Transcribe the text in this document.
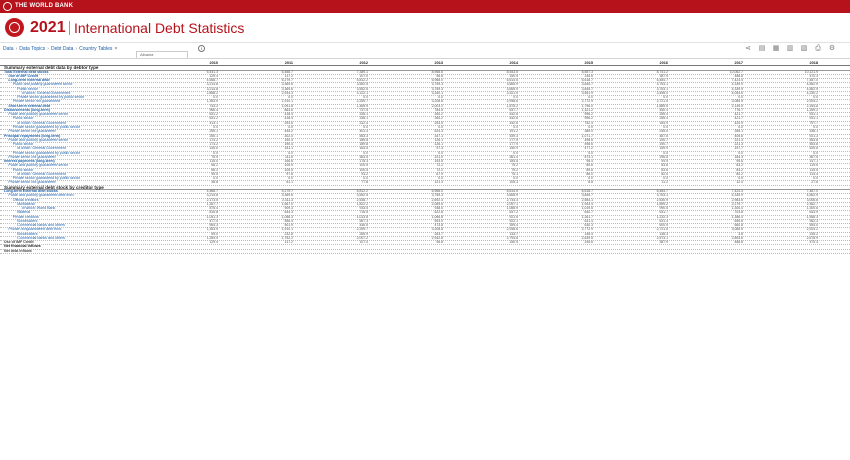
THE WORLD BANK
2021 International Debt Statistics
Data › Data Topics › Debt Data › Country Tables ×
Albania
i	⋖ ▤ ▦ ▥ ▧ ⎙ ⚙
2010	2011	2012	2013	2014	2015	2016	2017	2018
Summary external debt data by debtor type
Total External debt stocks	5,441.3	6,488.7	7,389.1	8,968.6	8,543.5	8,557.3	8,741.2	10,062.7	10,121.9
Use of IMF Credit	129.4	117.2	107.0	96.8	150.9	245.6	387.9	488.8	470.3
Long-term external debt	4,568.7	5,279.7	5,812.2	6,968.0	6,614.5	6,618.7	6,484.7	7,424.4	7,487.0
Public and publicly guaranteed sector	3,214.8	3,369.6	3,552.5	3,759.3	3,665.9	3,845.7	3,763.1	4,339.9	4,562.9
Public sector	3,214.8	3,369.6	3,552.5	3,759.3	3,665.9	3,845.7	3,763.1	4,339.9	4,562.9
of which: General Government	2,858.2	2,934.3	3,122.1	3,340.1	3,321.9	3,551.9	3,498.0	4,054.6	4,230.2
Private sector guaranteed by public sector	0.0	0.0	0.0	0.0	0.0	0.0	0.0	0.0	0.0
Private sector not guaranteed	1,353.9	1,910.1	2,259.7	3,208.8	2,948.6	2,772.9	2,721.5	3,085.5	2,924.2
Short-term external debt	743.2	1,091.8	1,469.9	2,003.2	1,875.2	1,796.0	1,889.5	2,149.5	2,164.6
Disbursements (long-term)	966.4	863.6	737.5	784.5	637.7	1,321.2	450.4	776.7	1,269.2
Public and publicly guaranteed sector	631.2	418.4	335.1	260.2	442.6	996.2	255.4	421.7	931.1
Public sector	631.2	418.4	335.1	260.2	442.6	996.2	255.4	421.7	931.1
of which: General Government	413.1	293.6	312.4	253.5	442.6	752.4	184.9	420.9	797.7
Private sector guaranteed by public sector	0.0	0.0	0.0	0.0	0.0	0.0	0.0	0.0	0.0
Private sector not guaranteed	295.1	445.2	401.4	524.3	191.2	385.0	245.0	355.1	338.1
Principal repayments (long-term)	250.1	302.0	553.3	347.1	539.3	1,071.7	487.5	405.6	921.3
Public and publicly guaranteed sector	174.2	190.4	189.8	126.1	177.9	498.6	190.7	221.3	553.8
Public sector	174.2	190.4	189.8	126.1	177.9	498.6	190.7	221.3	553.8
of which: General Government	145.6	151.1	163.5	97.3	150.9	477.2	159.9	197.7	525.8
Private sector guaranteed by public sector	0.0	0.0	0.0	0.0	0.0	0.0	0.0	0.0	0.0
Private sector not guaranteed	75.9	111.6	363.5	221.0	361.4	573.1	296.8	184.3	367.5
Interest payments (long-term)	115.0	166.6	178.3	193.5	184.5	98.4	94.9	95.6	147.1
Public and publicly guaranteed sector	66.2	105.5	100.5	72.2	79.2	89.6	83.6	83.2	119.5
Public sector	66.2	105.5	100.5	72.2	79.2	89.6	83.6	83.2	119.5
of which: General Government	59.5	97.8	93.2	67.9	75.1	86.0	82.0	80.2	114.4
Private sector guaranteed by public sector	0.0	0.0	0.0	0.0	0.0	0.0	0.0	0.0	0.0
Private sector not guaranteed	48.8	61.1	77.8	121.3	105.3	8.8	11.2	12.4	27.6
Summary external debt stock by creditor type
Long-term External debt stocks	4,568.7	5,279.7	5,812.2	6,968.0	6,614.5	6,618.7	6,484.7	7,424.4	7,487.0
Public and publicly guaranteed debt from:	3,214.8	3,369.6	3,552.5	3,759.3	3,665.9	3,845.7	3,763.1	4,339.9	4,562.9
Official creditors	2,173.5	2,311.3	2,538.7	2,692.4	2,744.3	2,584.1	2,530.9	2,983.5	3,006.6
Multilateral	1,357.7	1,667.0	1,822.2	2,069.6	2,097.1	1,943.4	1,899.2	2,279.7	2,362.7
of which: World Bank	875.4	909.3	933.5	938.0	1,085.9	1,019.5	990.5	1,300.4	1,300.6
Bilateral	815.8	644.3	716.5	622.8	647.2	640.7	631.7	703.8	643.9
Private creditors	1,041.3	1,058.3	1,013.8	1,066.8	921.6	1,261.7	1,232.3	1,356.4	1,556.3
Bondholders	477.0	556.4	567.3	593.0	522.1	631.4	631.4	695.6	962.3
Commercial banks and others	564.3	501.9	446.5	473.8	399.4	630.3	600.9	660.8	594.0
Private nonguaranteed debt from:	1,353.9	1,910.1	2,259.7	3,208.8	2,948.6	2,772.9	2,721.5	3,085.5	2,924.2
Bondholders	69.0	232.8	265.9	263.7	133.7	148.4	148.3	3.8	245.2
Commercial banks and others	1,284.9	1,752.2	2,007.2	2,942.8	2,794.8	2,639.5	2,573.1	2,893.6	2,678.9
Use of IMF Credit	129.4	117.2	107.0	96.8	150.9	245.6	387.9	488.8	470.3
Net financial inflows
Net debt inflows
